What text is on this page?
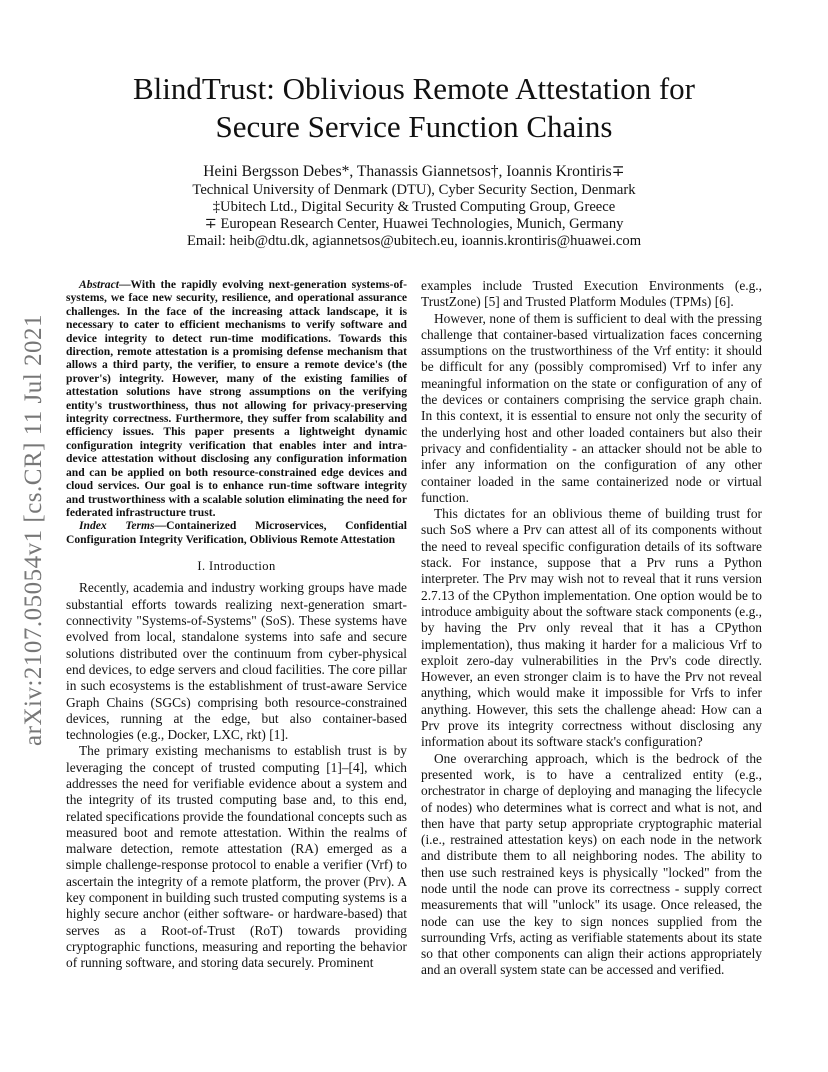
arXiv:2107.05054v1 [cs.CR] 11 Jul 2021
BlindTrust: Oblivious Remote Attestation for
Secure Service Function Chains
Heini Bergsson Debes*, Thanassis Giannetsos†, Ioannis Krontiris∓
Technical University of Denmark (DTU), Cyber Security Section, Denmark
‡Ubitech Ltd., Digital Security & Trusted Computing Group, Greece
∓ European Research Center, Huawei Technologies, Munich, Germany
Email: heib@dtu.dk, agiannetsos@ubitech.eu, ioannis.krontiris@huawei.com

Abstract—With the rapidly evolving next-generation systems-of-systems, we face new security, resilience, and operational assurance challenges. In the face of the increasing attack landscape, it is necessary to cater to efficient mechanisms to verify software and device integrity to detect run-time modifications. Towards this direction, remote attestation is a promising defense mechanism that allows a third party, the verifier, to ensure a remote device's (the prover's) integrity. However, many of the existing families of attestation solutions have strong assumptions on the verifying entity's trustworthiness, thus not allowing for privacy-preserving integrity correctness. Furthermore, they suffer from scalability and efficiency issues. This paper presents a lightweight dynamic configuration integrity verification that enables inter and intra-device attestation without disclosing any configuration information and can be applied on both resource-constrained edge devices and cloud services. Our goal is to enhance run-time software integrity and trustworthiness with a scalable solution eliminating the need for federated infrastructure trust.

Index Terms—Containerized Microservices, Confidential Configuration Integrity Verification, Oblivious Remote Attestation

I. Introduction

Recently, academia and industry working groups have made substantial efforts towards realizing next-generation smart-connectivity "Systems-of-Systems" (SoS). These systems have evolved from local, standalone systems into safe and secure solutions distributed over the continuum from cyber-physical end devices, to edge servers and cloud facilities. The core pillar in such ecosystems is the establishment of trust-aware Service Graph Chains (SGCs) comprising both resource-constrained devices, running at the edge, but also container-based technologies (e.g., Docker, LXC, rkt) [1].

The primary existing mechanisms to establish trust is by leveraging the concept of trusted computing [1]–[4], which addresses the need for verifiable evidence about a system and the integrity of its trusted computing base and, to this end, related specifications provide the foundational concepts such as measured boot and remote attestation. Within the realms of malware detection, remote attestation (RA) emerged as a simple challenge-response protocol to enable a verifier (Vrf) to ascertain the integrity of a remote platform, the prover (Prv). A key component in building such trusted computing systems is a highly secure anchor (either software- or hardware-based) that serves as a Root-of-Trust (RoT) towards providing cryptographic functions, measuring and reporting the behavior of running software, and storing data securely. Prominent

examples include Trusted Execution Environments (e.g., TrustZone) [5] and Trusted Platform Modules (TPMs) [6].

However, none of them is sufficient to deal with the pressing challenge that container-based virtualization faces concerning assumptions on the trustworthiness of the Vrf entity: it should be difficult for any (possibly compromised) Vrf to infer any meaningful information on the state or configuration of any of the devices or containers comprising the service graph chain. In this context, it is essential to ensure not only the security of the underlying host and other loaded containers but also their privacy and confidentiality - an attacker should not be able to infer any information on the configuration of any other container loaded in the same containerized node or virtual function.

This dictates for an oblivious theme of building trust for such SoS where a Prv can attest all of its components without the need to reveal specific configuration details of its software stack. For instance, suppose that a Prv runs a Python interpreter. The Prv may wish not to reveal that it runs version 2.7.13 of the CPython implementation. One option would be to introduce ambiguity about the software stack components (e.g., by having the Prv only reveal that it has a CPython implementation), thus making it harder for a malicious Vrf to exploit zero-day vulnerabilities in the Prv's code directly. However, an even stronger claim is to have the Prv not reveal anything, which would make it impossible for Vrfs to infer anything. However, this sets the challenge ahead: How can a Prv prove its integrity correctness without disclosing any information about its software stack's configuration?

One overarching approach, which is the bedrock of the presented work, is to have a centralized entity (e.g., orchestrator in charge of deploying and managing the lifecycle of nodes) who determines what is correct and what is not, and then have that party setup appropriate cryptographic material (i.e., restrained attestation keys) on each node in the network and distribute them to all neighboring nodes. The ability to then use such restrained keys is physically "locked" from the node until the node can prove its correctness - supply correct measurements that will "unlock" its usage. Once released, the node can use the key to sign nonces supplied from the surrounding Vrfs, acting as verifiable statements about its state so that other components can align their actions appropriately and an overall system state can be accessed and verified.
